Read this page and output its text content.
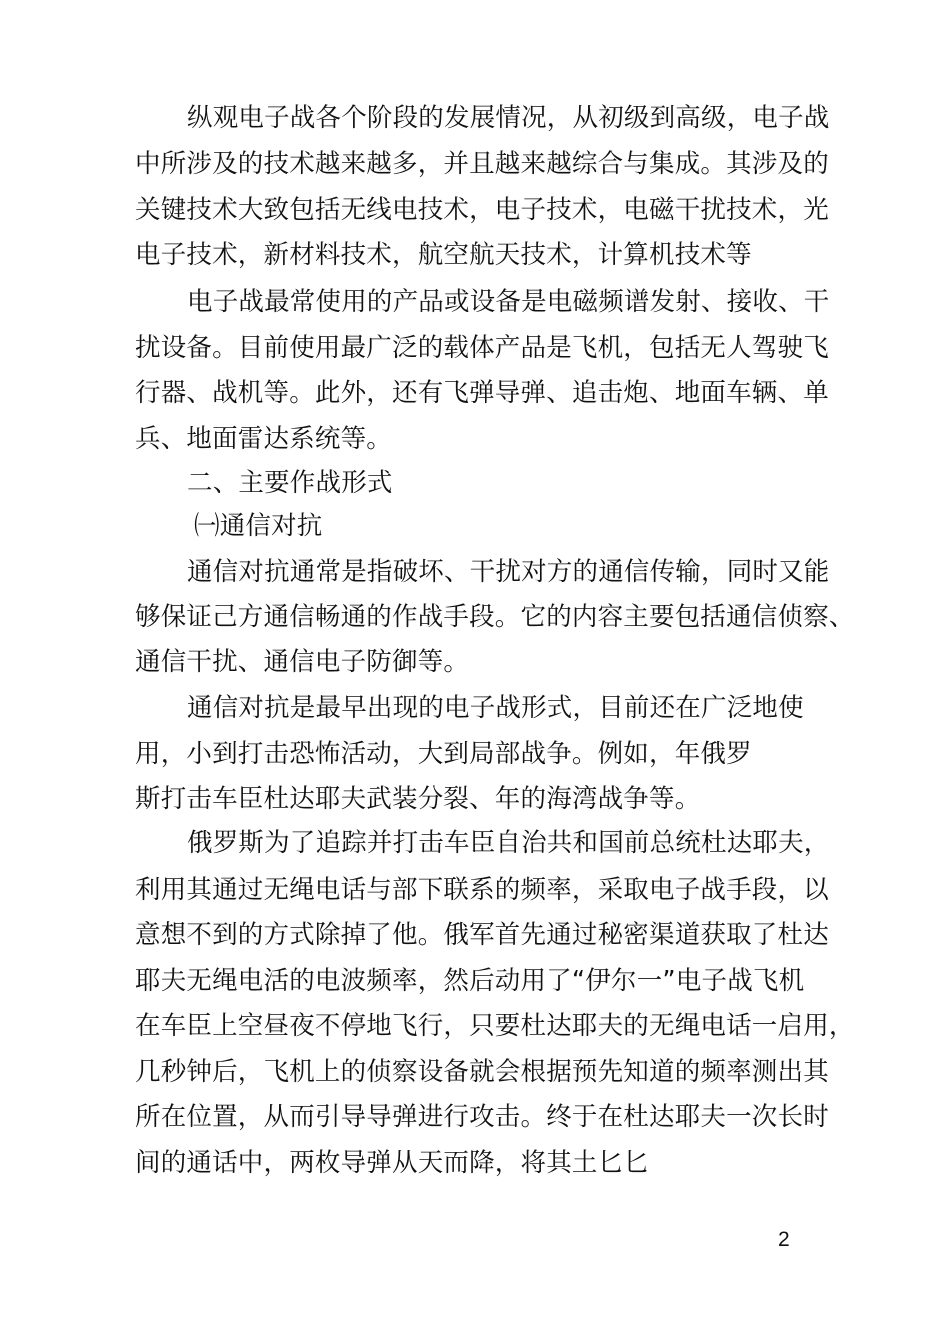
纵观电子战各个阶段的发展情况，从初级到高级，电子战
中所涉及的技术越来越多，并且越来越综合与集成。其涉及的
关键技术大致包括无线电技术，电子技术，电磁干扰技术，光
电子技术，新材料技术，航空航天技术，计算机技术等
电子战最常使用的产品或设备是电磁频谱发射、接收、干
扰设备。目前使用最广泛的载体产品是飞机，包括无人驾驶飞
行器、战机等。此外，还有飞弹导弹、追击炮、地面车辆、单
兵、地面雷达系统等。
二、主要作战形式
㈠通信对抗
通信对抗通常是指破坏、干扰对方的通信传输，同时又能
够保证己方通信畅通的作战手段。它的内容主要包括通信侦察、
通信干扰、通信电子防御等。
通信对抗是最早出现的电子战形式，目前还在广泛地使
用，小到打击恐怖活动，大到局部战争。例如，年俄罗
斯打击车臣杜达耶夫武装分裂、年的海湾战争等。
俄罗斯为了追踪并打击车臣自治共和国前总统杜达耶夫，
利用其通过无绳电话与部下联系的频率，采取电子战手段，以
意想不到的方式除掉了他。俄军首先通过秘密渠道获取了杜达
耶夫无绳电活的电波频率，然后动用了“伊尔一”电子战飞机
在车臣上空昼夜不停地飞行，只要杜达耶夫的无绳电话一启用，
几秒钟后，飞机上的侦察设备就会根据预先知道的频率测出其
所在位置，从而引导导弹进行攻击。终于在杜达耶夫一次长时
间的通话中，两枚导弹从天而降，将其土匕匕
2
